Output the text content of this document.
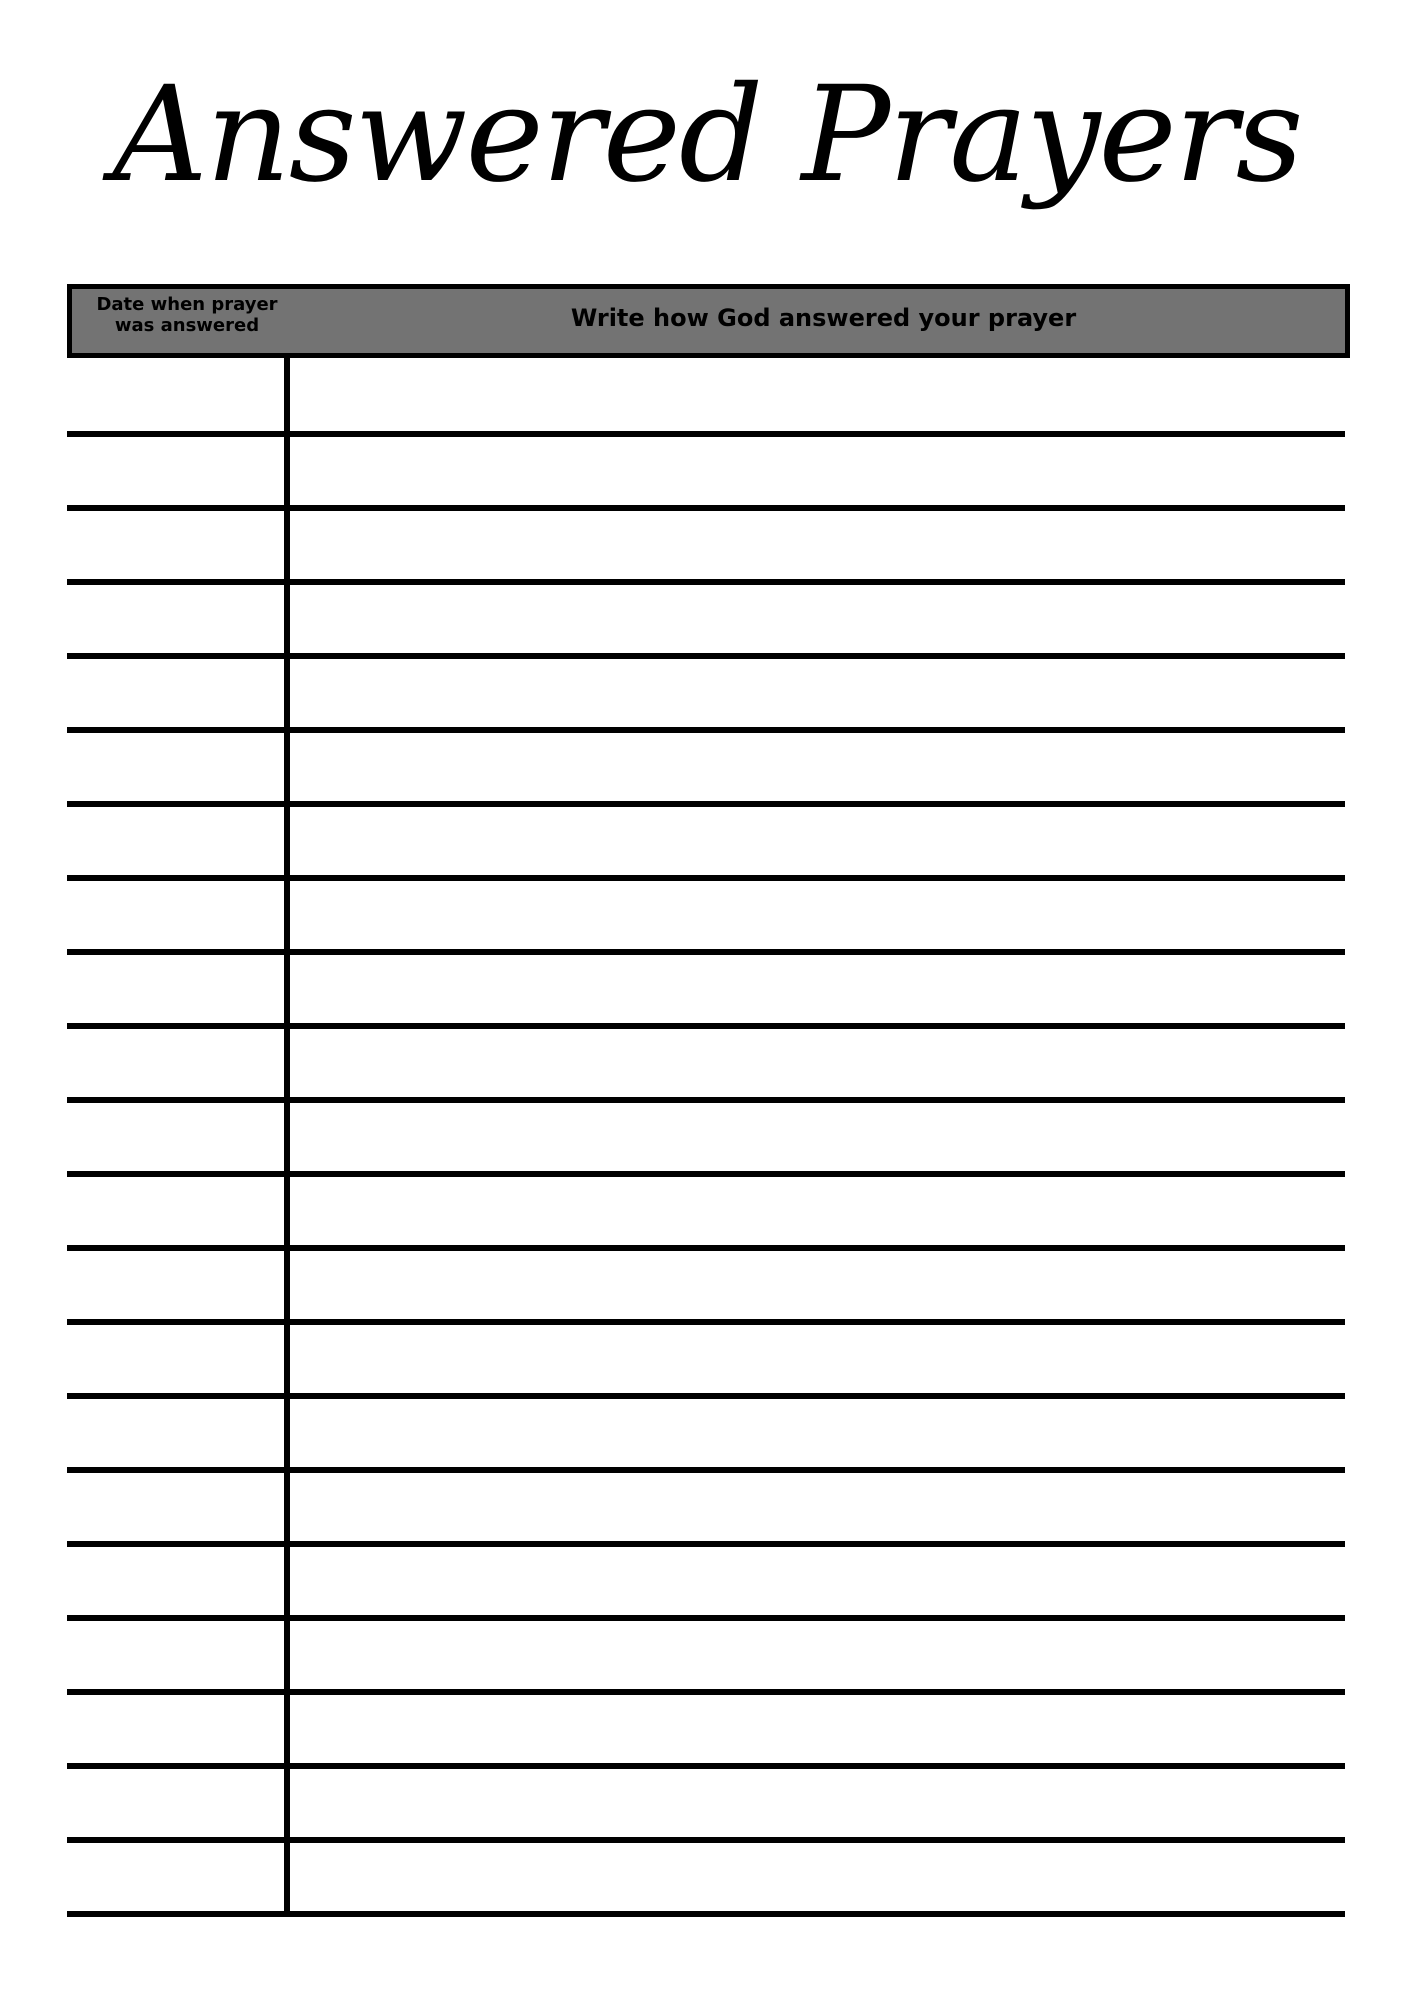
Answered Prayers
Date when prayer
was answered	Write how God answered your prayer
